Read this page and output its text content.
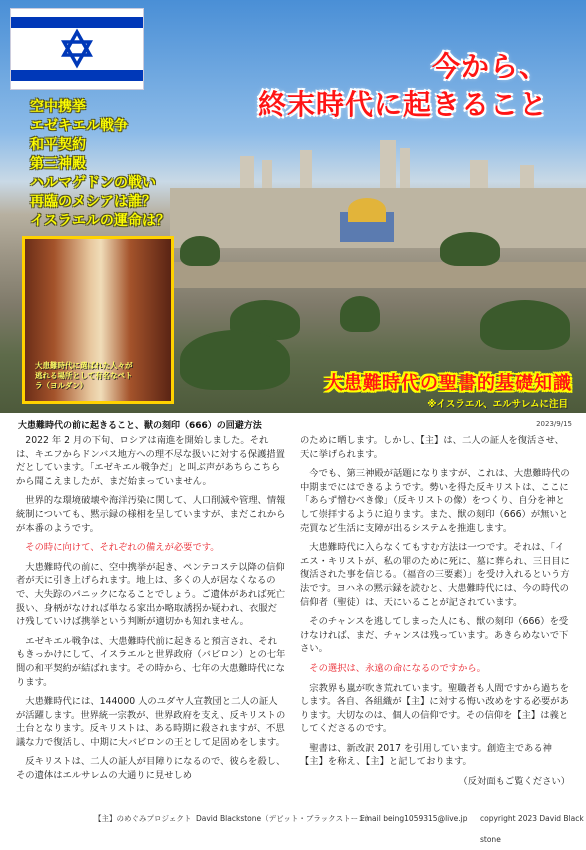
今から、
終末時代に起きること
空中携挙
エゼキエル戦争
和平契約
第三神殿
ハルマゲドンの戦い
再臨のメシアは誰？
イスラエルの運命は？
大患難時代に選ばれた人々が逃れる場所として有名なペトラ（ヨルダン）	大患難時代の聖書的基礎知識
※イスラエル、エルサレムに注目
大患難時代の前に起きること、獣の刻印（666）の回避方法	2023/9/15

2022 年 2 月の下旬、ロシアは南進を開始しました。それは、キエフからドンバス地方への理不尽な扱いに対する保護措置だとしています。「エゼキエル戦争だ」と叫ぶ声があちらこちらから聞こえましたが、まだ始まっていません。

世界的な環境破壊や海洋汚染に関して、人口削減や管理、情報統制についても、黙示録の様相を呈していますが、まだこれからが本番のようです。

その時に向けて、それぞれの備えが必要です。

大患難時代の前に、空中携挙が起き、ペンテコステ以降の信仰者が天に引き上げられます。地上は、多くの人が居なくなるので、大失踪のパニックになることでしょう。ご遺体があれば死亡扱い、身柄がなければ単なる家出か略取誘拐か疑われ、衣服だけ残していけば携挙という判断が適切かも知れません。

エゼキエル戦争は、大患難時代前に起きると預言され、それもきっかけにして、イスラエルと世界政府（バビロン）との七年間の和平契約が結ばれます。その時から、七年の大患難時代になります。

大患難時代には、144000 人のユダヤ人宣教団と二人の証人が活躍します。世界統一宗教が、世界政府を支え、反キリストの土台となります。反キリストは、ある時期に殺されますが、不思議な力で復活し、中期に大バビロンの王として足固めをします。

反キリストは、二人の証人が目障りになるので、彼らを殺し、その遺体はエルサレムの大通りに見せしめ

のために晒します。しかし、【主】は、二人の証人を復活させ、天に挙げられます。

今でも、第三神殿が話題になりますが、これは、大患難時代の中期までにはできるようです。勢いを得た反キリストは、ここに「あらず憎むべき像」（反キリストの像）をつくり、自分を神として崇拝するように迫ります。また、獣の刻印（666）が無いと売買など生活に支障が出るシステムを推進します。

大患難時代に入らなくてもすむ方法は一つです。それは、「イエス・キリストが、私の罪のために死に、墓に葬られ、三日目に復活された事を信じる。（福音の三要素）」を受け入れるという方法です。ヨハネの黙示録を読むと、大患難時代には、今の時代の信仰者（聖徒）は、天にいることが記されています。

そのチャンスを逃してしまった人にも、獣の刻印（666）を受けなければ、まだ、チャンスは残っています。あきらめないで下さい。

その選択は、永遠の命になるのですから。

宗教界も嵐が吹き荒れています。聖職者も人間ですから過ちをします。各自、各組織が【主】に対する悔い改めをする必要があります。大切なのは、個人の信仰です。その信仰を【主】は義としてくださるのです。

聖書は、新改訳 2017 を引用しています。創造主である神【主】を称え、【主】と記しております。

（反対面もご覧ください）

【主】のめぐみプロジェクト David Blackstone（デビット・ブラックストーン）
Email being1059315@live.jp copyright 2023 David Black stone
